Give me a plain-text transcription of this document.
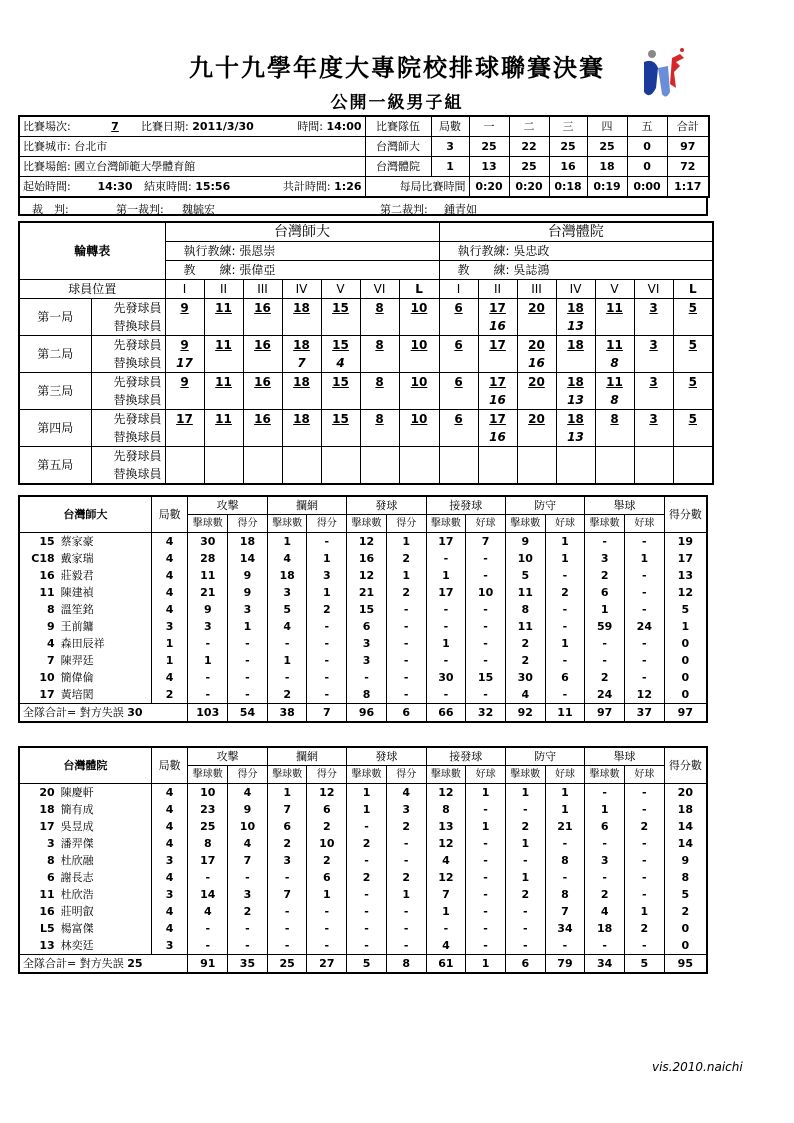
九十九學年度大專院校排球聯賽決賽
公開一級男子組
比賽場次:	7	比賽日期: 2011/3/30	時間: 14:00	比賽隊伍	局數	一	二	三	四	五	合計
比賽城市: 台北市				台灣師大	3	25	22	25	25	0	97
比賽場館: 國立台灣師範大學體育館				台灣體院	1	13	25	16	18	0	72
起始時間:	14:30	結束時間: 15:56	共計時間: 1:26	每局比賽時間		0:20	0:20	0:18	0:19	0:00	1:17
裁　判:	第一裁判: 魏毓宏	第二裁判: 鍾青如
輪轉表		台灣師大							台灣體院						
		執行教練: 張恩崇							執行教練: 吳忠政						
		教　　練: 張偉亞							教　　練: 吳誌鴻						
球員位置		I	II	III	IV	V	VI	L	I	II	III	IV	V	VI	L
第一局	先發球員	9	11	16	18	15	8	10	6	17	20	18	11	3	5
	替換球員									16		13			
第二局	先發球員	9	11	16	18	15	8	10	6	17	20	18	11	3	5
	替換球員	17			7	4					16		8		
第三局	先發球員	9	11	16	18	15	8	10	6	17	20	18	11	3	5
	替換球員									16		13	8		
第四局	先發球員	17	11	16	18	15	8	10	6	17	20	18	8	3	5
	替換球員									16		13			
第五局	先發球員														
	替換球員														
台灣師大		局數	攻擊		攔網		發球		接發球		防守		舉球		得分數
			擊球數	得分	擊球數	得分	擊球數	得分	擊球數	好球	擊球數	好球	擊球數	好球	
15	蔡家豪	4	30	18	1	-	12	1	17	7	9	1	-	-	19
C18	戴家瑞	4	28	14	4	1	16	2	-	-	10	1	3	1	17
16	莊毅君	4	11	9	18	3	12	1	1	-	5	-	2	-	13
11	陳建禎	4	21	9	3	1	21	2	17	10	11	2	6	-	12
8	溫笙銘	4	9	3	5	2	15	-	-	-	8	-	1	-	5
9	王前鏞	3	3	1	4	-	6	-	-	-	11	-	59	24	1
4	森田辰祥	1	-	-	-	-	3	-	1	-	2	1	-	-	0
7	陳羿廷	1	1	-	1	-	3	-	-	-	2	-	-	-	0
10	簡偉倫	4	-	-	-	-	-	-	30	15	30	6	2	-	0
17	黃培閎	2	-	-	2	-	8	-	-	-	4	-	24	12	0
全隊合計= 對方失誤 30			103	54	38	7	96	6	66	32	92	11	97	37	97
台灣體院		局數	攻擊		攔網		發球		接發球		防守		舉球		得分數
			擊球數	得分	擊球數	得分	擊球數	得分	擊球數	好球	擊球數	好球	擊球數	好球	
20	陳慶軒	4	10	4	1	12	1	4	12	1	1	1	-	-	20
18	簡有成	4	23	9	7	6	1	3	8	-	-	1	1	-	18
17	吳昱成	4	25	10	6	2	-	2	13	1	2	21	6	2	14
3	潘羿傑	4	8	4	2	10	2	-	12	-	1	-	-	-	14
8	杜欣融	3	17	7	3	2	-	-	4	-	-	8	3	-	9
6	謝長志	4	-	-	-	6	2	2	12	-	1	-	-	-	8
11	杜欣浩	3	14	3	7	1	-	1	7	-	2	8	2	-	5
16	莊明叡	4	4	2	-	-	-	-	1	-	-	7	4	1	2
L5	楊富傑	4	-	-	-	-	-	-	-	-	-	34	18	2	0
13	林奕廷	3	-	-	-	-	-	-	4	-	-	-	-	-	0
全隊合計= 對方失誤 25			91	35	25	27	5	8	61	1	6	79	34	5	95
vis.2010.naichi
